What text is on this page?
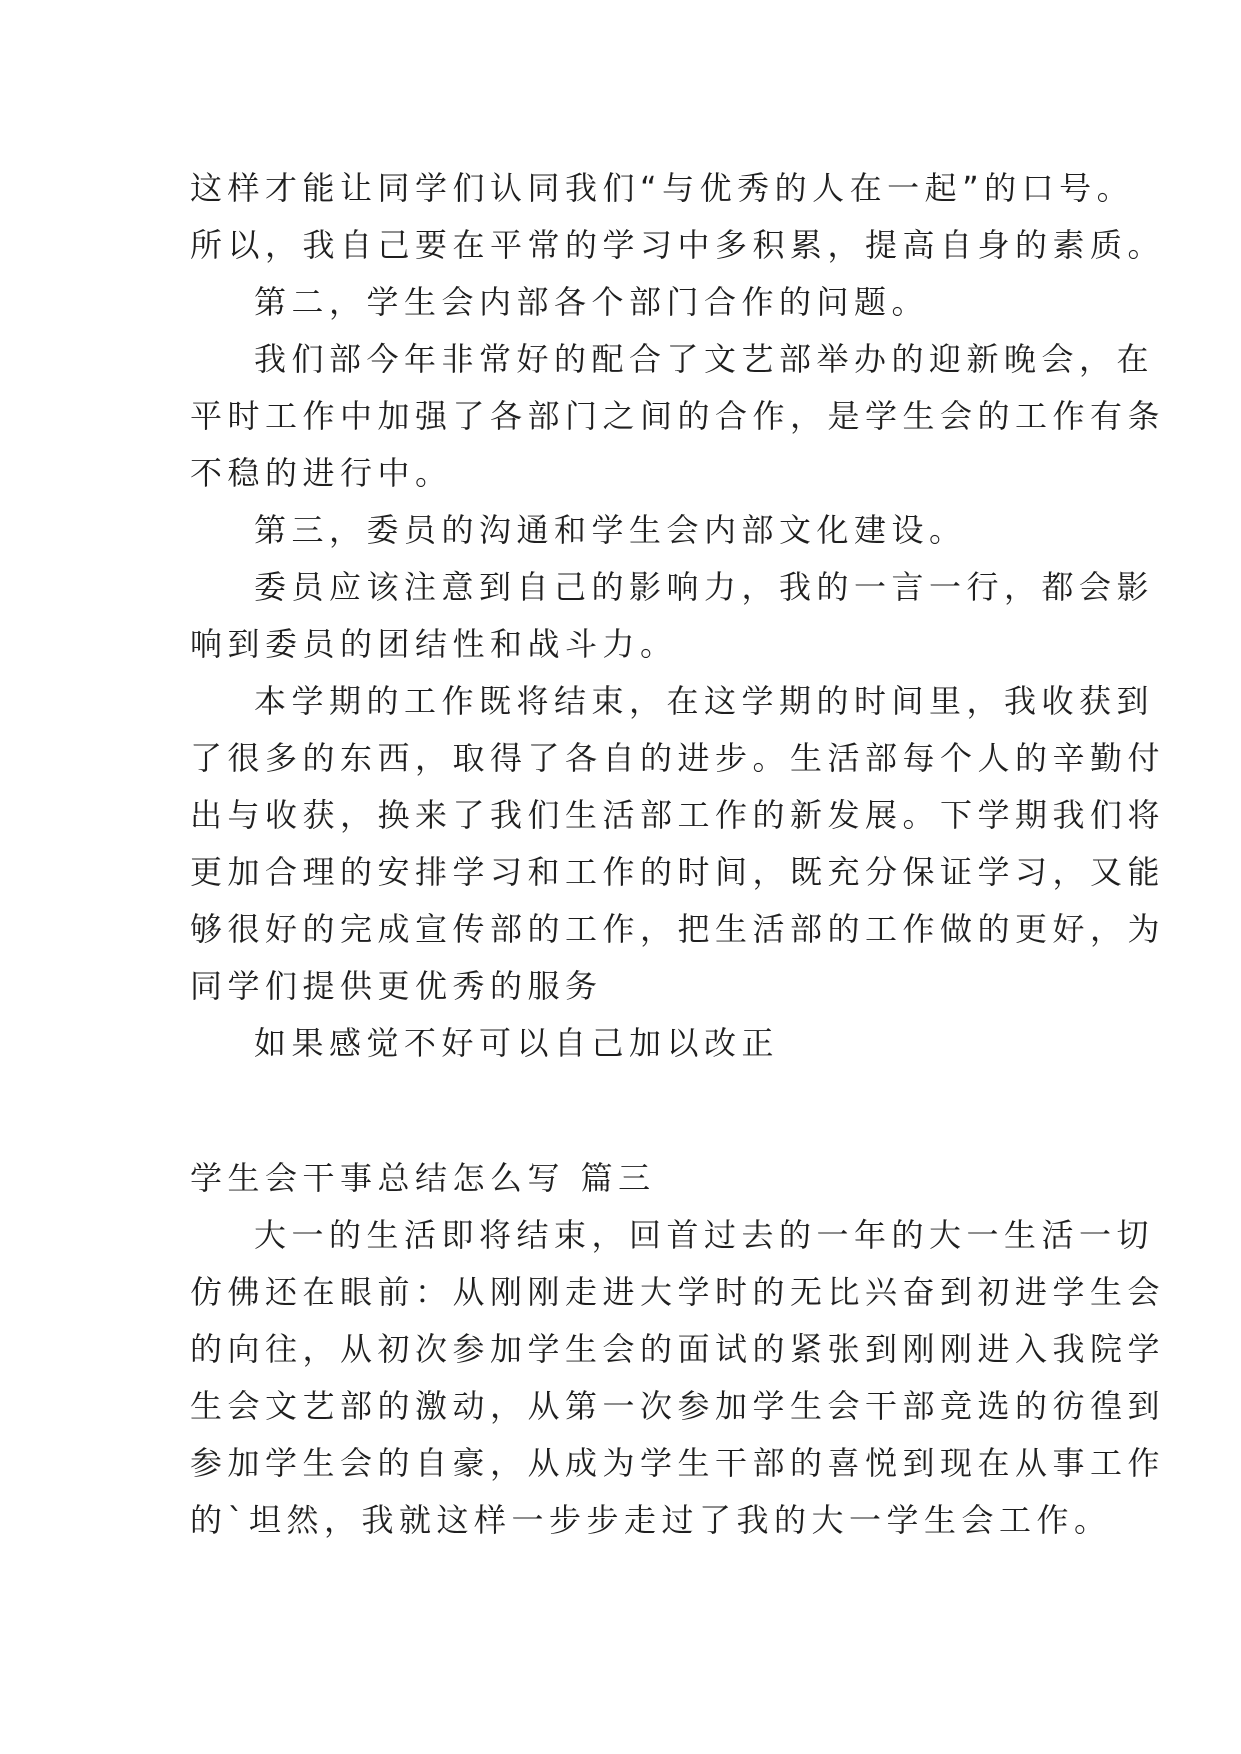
这样才能让同学们认同我们“与优秀的人在一起”的口号。
所以，我自己要在平常的学习中多积累，提高自身的素质。
第二，学生会内部各个部门合作的问题。
我们部今年非常好的配合了文艺部举办的迎新晚会，在
平时工作中加强了各部门之间的合作，是学生会的工作有条
不稳的进行中。
第三，委员的沟通和学生会内部文化建设。
委员应该注意到自己的影响力，我的一言一行，都会影
响到委员的团结性和战斗力。
本学期的工作既将结束，在这学期的时间里，我收获到
了很多的东西，取得了各自的进步。生活部每个人的辛勤付
出与收获，换来了我们生活部工作的新发展。下学期我们将
更加合理的安排学习和工作的时间，既充分保证学习，又能
够很好的完成宣传部的工作，把生活部的工作做的更好，为
同学们提供更优秀的服务
如果感觉不好可以自己加以改正
学生会干事总结怎么写 篇三
大一的生活即将结束，回首过去的一年的大一生活一切
仿佛还在眼前：从刚刚走进大学时的无比兴奋到初进学生会
的向往，从初次参加学生会的面试的紧张到刚刚进入我院学
生会文艺部的激动，从第一次参加学生会干部竞选的彷徨到
参加学生会的自豪，从成为学生干部的喜悦到现在从事工作
的`坦然，我就这样一步步走过了我的大一学生会工作。
